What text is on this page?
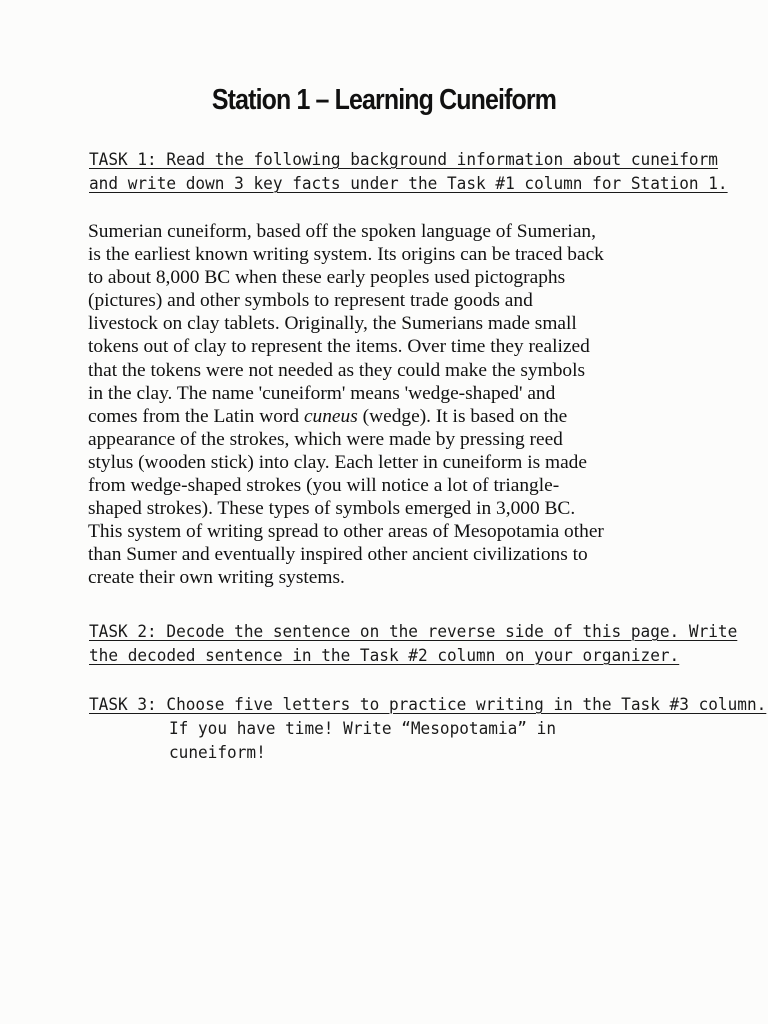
Station 1 – Learning Cuneiform
TASK 1: Read the following background information about cuneiform
and write down 3 key facts under the Task #1 column for Station 1.
Sumerian cuneiform, based off the spoken language of Sumerian,
is the earliest known writing system. Its origins can be traced back
to about 8,000 BC when these early peoples used pictographs
(pictures) and other symbols to represent trade goods and
livestock on clay tablets. Originally, the Sumerians made small
tokens out of clay to represent the items. Over time they realized
that the tokens were not needed as they could make the symbols
in the clay. The name 'cuneiform' means 'wedge-shaped' and
comes from the Latin word cuneus (wedge). It is based on the
appearance of the strokes, which were made by pressing reed
stylus (wooden stick) into clay. Each letter in cuneiform is made
from wedge-shaped strokes (you will notice a lot of triangle-
shaped strokes). These types of symbols emerged in 3,000 BC.
This system of writing spread to other areas of Mesopotamia other
than Sumer and eventually inspired other ancient civilizations to
create their own writing systems.
TASK 2: Decode the sentence on the reverse side of this page. Write
the decoded sentence in the Task #2 column on your organizer.
TASK 3: Choose five letters to practice writing in the Task #3 column.
If you have time! Write “Mesopotamia” in
cuneiform!
